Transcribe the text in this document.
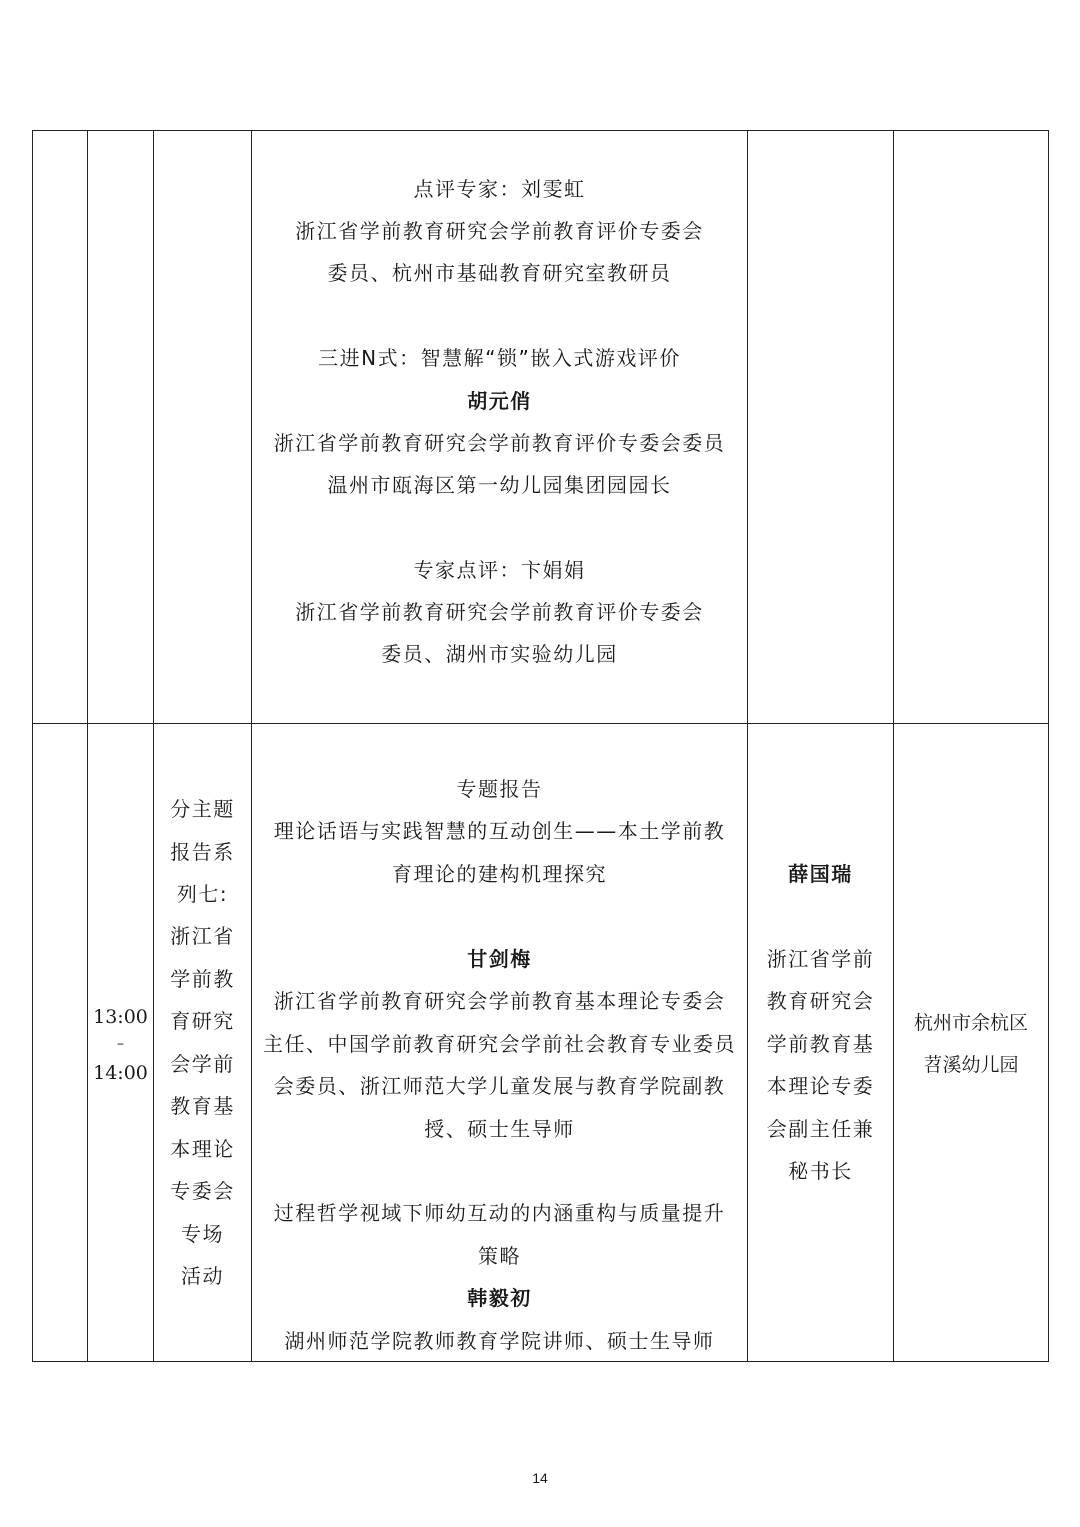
点评专家：刘雯虹
浙江省学前教育研究会学前教育评价专委会
委员、杭州市基础教育研究室教研员
三进N式：智慧解“锁”嵌入式游戏评价
胡元俏
浙江省学前教育研究会学前教育评价专委会委员
温州市瓯海区第一幼儿园集团园园长
专家点评：卞娟娟
浙江省学前教育研究会学前教育评价专委会
委员、湖州市实验幼儿园
13:00
–
14:00
分主题
报告系
列七:
浙江省
学前教
育研究
会学前
教育基
本理论
专委会
专场
活动
专题报告
理论话语与实践智慧的互动创生——本土学前教
育理论的建构机理探究
甘剑梅
浙江省学前教育研究会学前教育基本理论专委会
主任、中国学前教育研究会学前社会教育专业委员
会委员、浙江师范大学儿童发展与教育学院副教
授、硕士生导师
过程哲学视域下师幼互动的内涵重构与质量提升
策略
韩毅初
湖州师范学院教师教育学院讲师、硕士生导师
薛国瑞
浙江省学前
教育研究会
学前教育基
本理论专委
会副主任兼
秘书长
杭州市余杭区
苕溪幼儿园
14
